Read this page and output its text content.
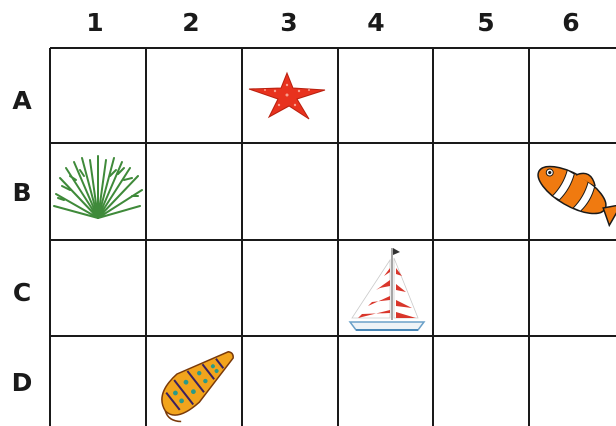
1	2	3	4	5	6
A
B
C
D
